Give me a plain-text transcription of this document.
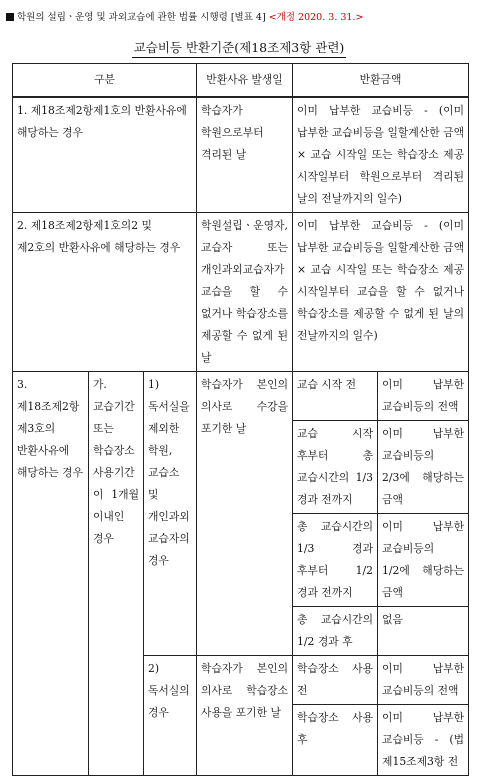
학원의 설립ㆍ운영 및 과외교습에 관한 법률 시행령 [별표 4] <개정 2020. 3. 31.>
교습비등 반환기준(제18조제3항 관련)
구분			반환사유 발생일	반환금액	
1. 제18조제2항제1호의 반환사유에 해당하는 경우			학습자가 학원으로부터 격리된 날	이미 납부한 교습비등 - (이미 납부한 교습비등을 일할계산한 금액 × 교습 시작일 또는 학습장소 제공 시작일부터 학원으로부터 격리된 날의 전날까지의 일수)	
2. 제18조제2항제1호의2 및 제2호의 반환사유에 해당하는 경우			학원설립ㆍ운영자, 교습자 또는 개인과외교습자가 교습을 할 수 없거나 학습장소를 제공할 수 없게 된 날	이미 납부한 교습비등 - (이미 납부한 교습비등을 일할계산한 금액 × 교습 시작일 또는 학습장소 제공 시작일부터 교습을 할 수 없거나 학습장소를 제공할 수 없게 된 날의 전날까지의 일수)	
3. 제18조제2항제3호의 반환사유에 해당하는 경우	가. 교습기간 또는 학습장소 사용기간이 1개월 이내인 경우	1) 독서실을 제외한 학원, 교습소 및 개인과외교습자의 경우	학습자가 본인의 의사로 수강을 포기한 날	교습 시작 전	이미 납부한 교습비등의 전액
				교습 시작 후부터 총 교습시간의 1/3 경과 전까지	이미 납부한 교습비등의 2/3에 해당하는 금액
				총 교습시간의 1/3 경과 후부터 1/2 경과 전까지	이미 납부한 교습비등의 1/2에 해당하는 금액
				총 교습시간의 1/2 경과 후	없음
		2) 독서실의 경우	학습자가 본인의 의사로 학습장소 사용을 포기한 날	학습장소 사용 전	이미 납부한 교습비등의 전액
				학습장소 사용 후	이미 납부한 교습비등 - (법 제15조제3항 전
